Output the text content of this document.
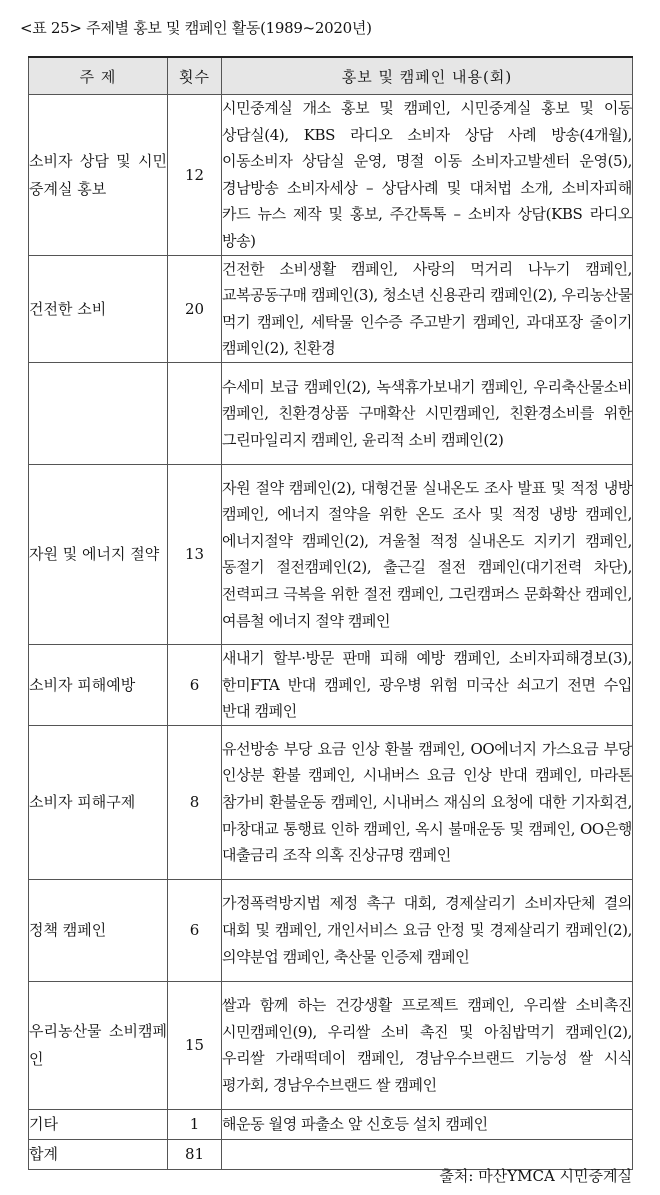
<표 25> 주제별 홍보 및 캠페인 활동(1989~2020년)
주 제	횟수	홍보 및 캠페인 내용(회)
소비자 상담 및 시민중계실 홍보	12	시민중계실 개소 홍보 및 캠페인, 시민중계실 홍보 및 이동 상담실(4), KBS 라디오 소비자 상담 사례 방송(4개월), 이동소비자 상담실 운영, 명절 이동 소비자고발센터 운영(5), 경남방송 소비자세상 – 상담사례 및 대처법 소개, 소비자피해 카드 뉴스 제작 및 홍보, 주간톡톡 – 소비자 상담(KBS 라디오 방송)
건전한 소비	20	건전한 소비생활 캠페인, 사랑의 먹거리 나누기 캠페인, 교복공동구매 캠페인(3), 청소년 신용관리 캠페인(2), 우리농산물 먹기 캠페인, 세탁물 인수증 주고받기 캠페인, 과대포장 줄이기 캠페인(2), 친환경
		수세미 보급 캠페인(2), 녹색휴가보내기 캠페인, 우리축산물소비 캠페인, 친환경상품 구매확산 시민캠페인, 친환경소비를 위한 그린마일리지 캠페인, 윤리적 소비 캠페인(2)
자원 및 에너지 절약	13	자원 절약 캠페인(2), 대형건물 실내온도 조사 발표 및 적정 냉방 캠페인, 에너지 절약을 위한 온도 조사 및 적정 냉방 캠페인, 에너지절약 캠페인(2), 겨울철 적정 실내온도 지키기 캠페인, 동절기 절전캠페인(2), 출근길 절전 캠페인(대기전력 차단), 전력피크 극복을 위한 절전 캠페인, 그린캠퍼스 문화확산 캠페인, 여름철 에너지 절약 캠페인
소비자 피해예방	6	새내기 할부·방문 판매 피해 예방 캠페인, 소비자피해경보(3), 한미FTA 반대 캠페인, 광우병 위험 미국산 쇠고기 전면 수입 반대 캠페인
소비자 피해구제	8	유선방송 부당 요금 인상 환불 캠페인, OO에너지 가스요금 부당 인상분 환불 캠페인, 시내버스 요금 인상 반대 캠페인, 마라톤 참가비 환불운동 캠페인, 시내버스 재심의 요청에 대한 기자회견, 마창대교 통행료 인하 캠페인, 옥시 불매운동 및 캠페인, OO은행 대출금리 조작 의혹 진상규명 캠페인
정책 캠페인	6	가정폭력방지법 제정 촉구 대회, 경제살리기 소비자단체 결의 대회 및 캠페인, 개인서비스 요금 안정 및 경제살리기 캠페인(2), 의약분업 캠페인, 축산물 인증제 캠페인
우리농산물 소비캠페인	15	쌀과 함께 하는 건강생활 프로젝트 캠페인, 우리쌀 소비촉진 시민캠페인(9), 우리쌀 소비 촉진 및 아침밥먹기 캠페인(2), 우리쌀 가래떡데이 캠페인, 경남우수브랜드 기능성 쌀 시식 평가회, 경남우수브랜드 쌀 캠페인
기타	1	해운동 월영 파출소 앞 신호등 설치 캠페인
합계	81	
출처: 마산YMCA 시민중계실
